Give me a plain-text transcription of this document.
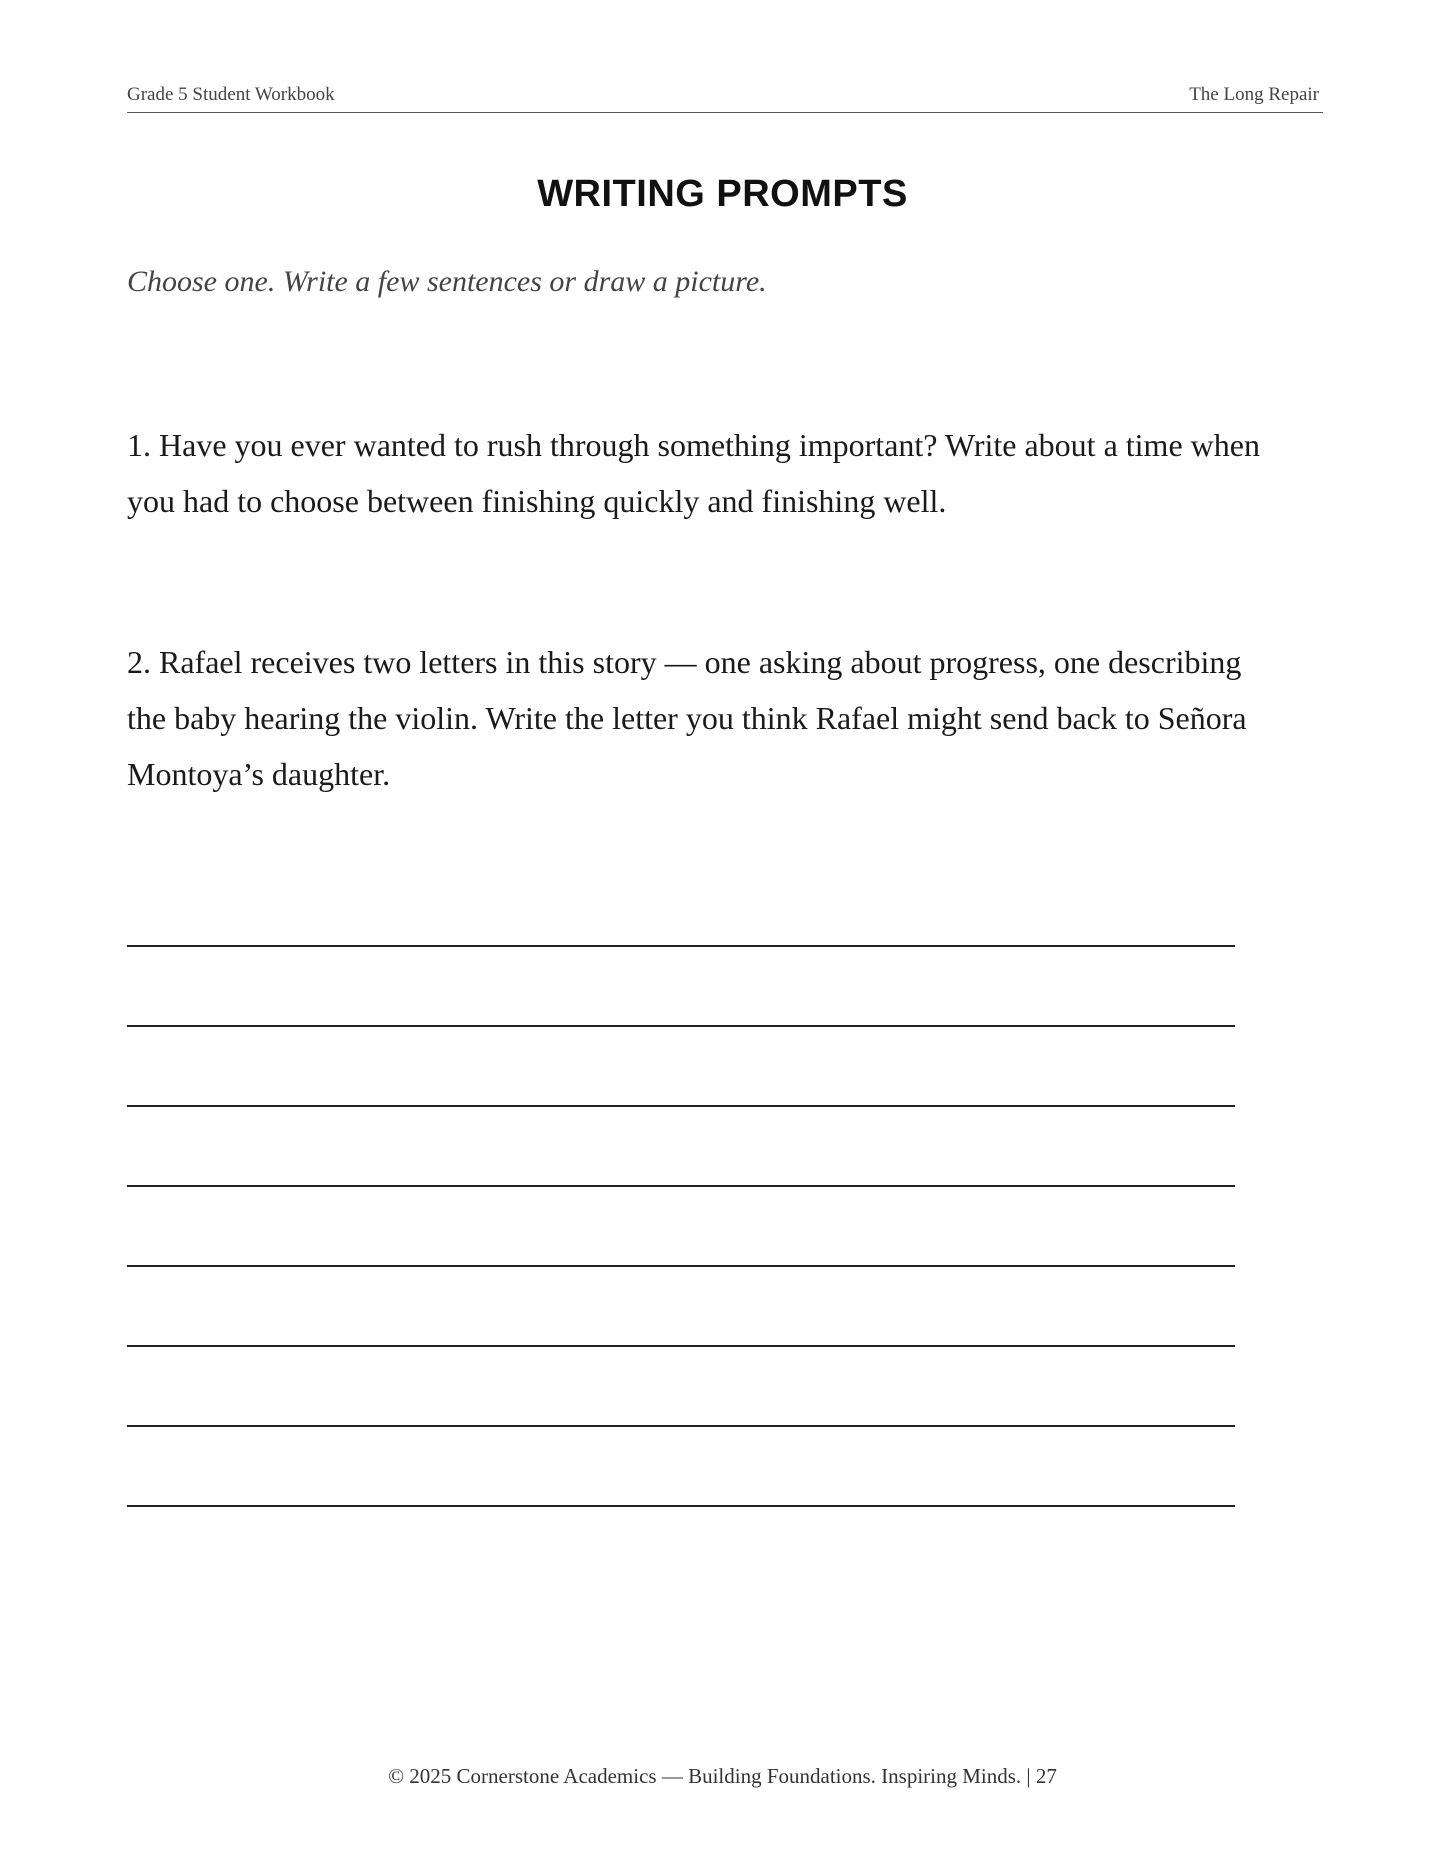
Grade 5 Student Workbook	The Long Repair
WRITING PROMPTS
Choose one. Write a few sentences or draw a picture.
1. Have you ever wanted to rush through something important? Write about a time when you had to choose between finishing quickly and finishing well.
2. Rafael receives two letters in this story — one asking about progress, one describing the baby hearing the violin. Write the letter you think Rafael might send back to Señora Montoya’s daughter.
© 2025 Cornerstone Academics — Building Foundations. Inspiring Minds. | 27
